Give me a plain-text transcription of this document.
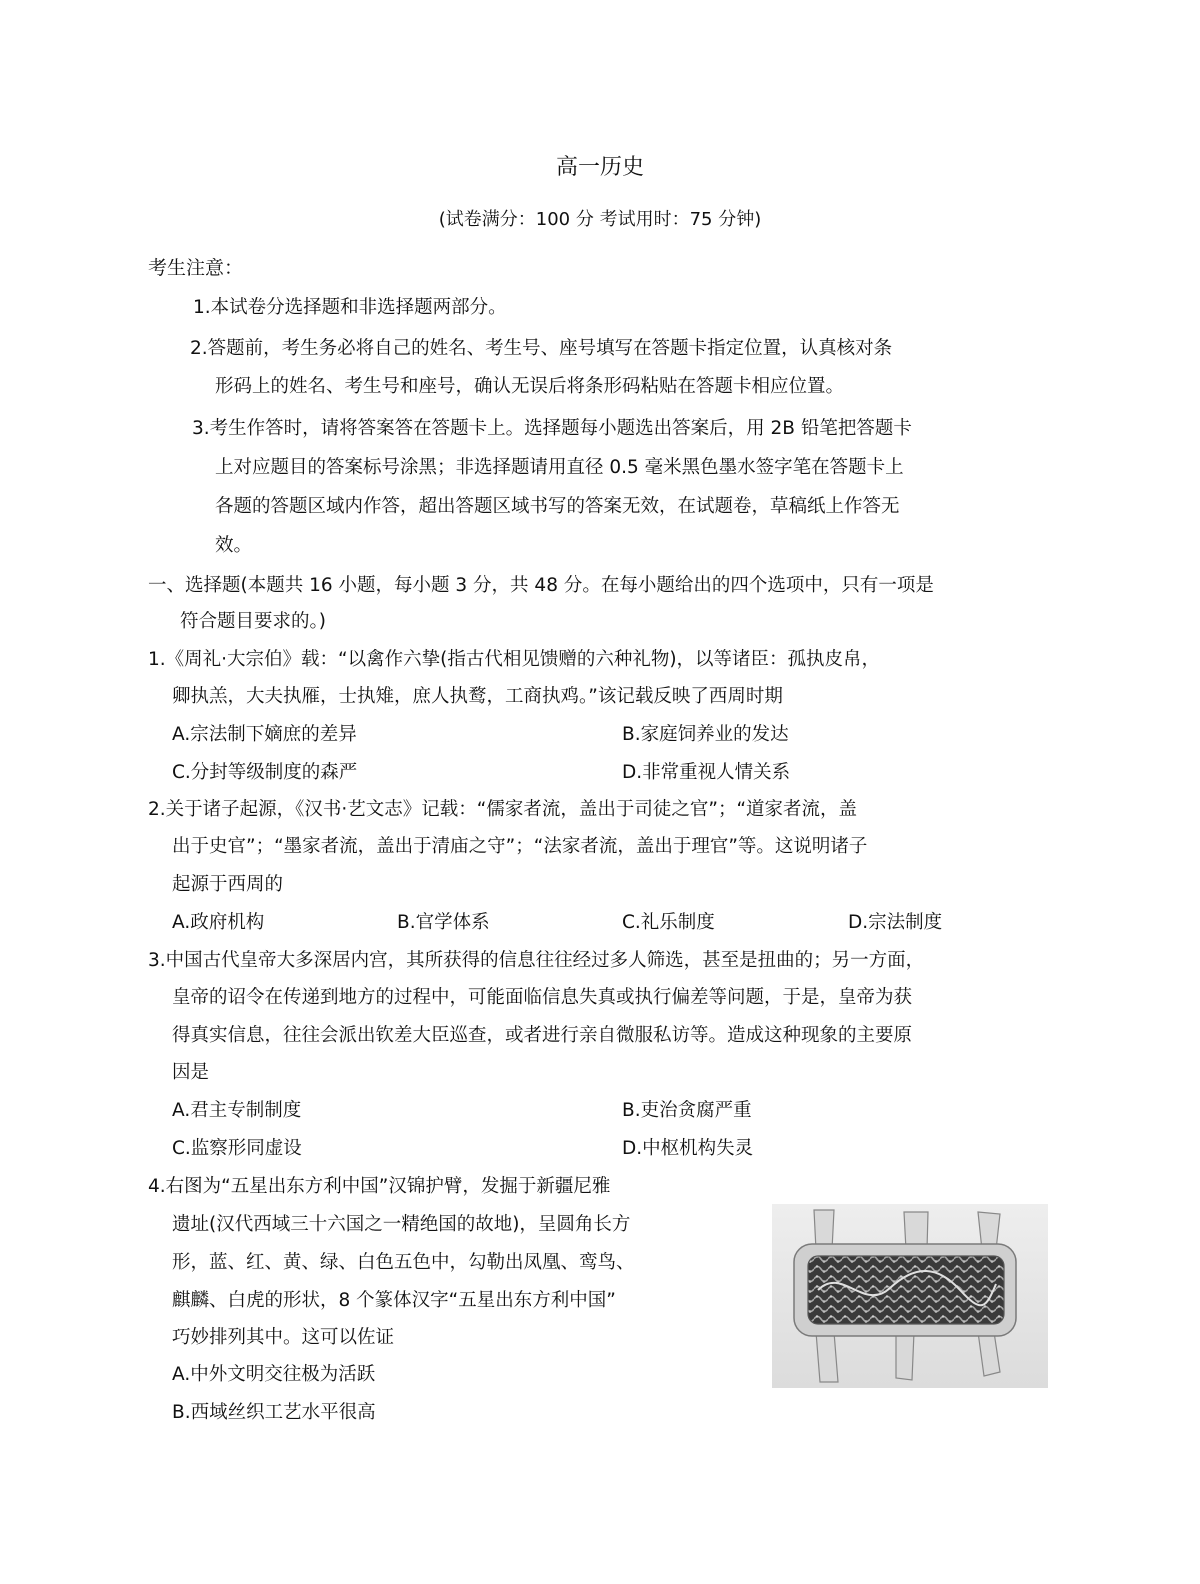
高一历史
(试卷满分：100 分 考试用时：75 分钟)
考生注意：
1.本试卷分选择题和非选择题两部分。
2.答题前，考生务必将自己的姓名、考生号、座号填写在答题卡指定位置，认真核对条
形码上的姓名、考生号和座号，确认无误后将条形码粘贴在答题卡相应位置。
3.考生作答时，请将答案答在答题卡上。选择题每小题选出答案后，用 2B 铅笔把答题卡
上对应题目的答案标号涂黑；非选择题请用直径 0.5 毫米黑色墨水签字笔在答题卡上
各题的答题区域内作答，超出答题区域书写的答案无效，在试题卷，草稿纸上作答无
效。
一、选择题(本题共 16 小题，每小题 3 分，共 48 分。在每小题给出的四个选项中，只有一项是
符合题目要求的。)
1.《周礼·大宗伯》载：“以禽作六挚(指古代相见馈赠的六种礼物)，以等诸臣：孤执皮帛，
卿执羔，大夫执雁，士执雉，庶人执鹜，工商执鸡。”该记载反映了西周时期
A.宗法制下嫡庶的差异	B.家庭饲养业的发达
C.分封等级制度的森严	D.非常重视人情关系
2.关于诸子起源，《汉书·艺文志》记载：“儒家者流，盖出于司徒之官”；“道家者流，盖
出于史官”；“墨家者流，盖出于清庙之守”；“法家者流，盖出于理官”等。这说明诸子
起源于西周的
A.政府机构	B.官学体系	C.礼乐制度	D.宗法制度
3.中国古代皇帝大多深居内宫，其所获得的信息往往经过多人筛选，甚至是扭曲的；另一方面，
皇帝的诏令在传递到地方的过程中，可能面临信息失真或执行偏差等问题，于是，皇帝为获
得真实信息，往往会派出钦差大臣巡查，或者进行亲自微服私访等。造成这种现象的主要原
因是
A.君主专制制度	B.吏治贪腐严重
C.监察形同虚设	D.中枢机构失灵
4.右图为“五星出东方利中国”汉锦护臂，发掘于新疆尼雅
遗址(汉代西域三十六国之一精绝国的故地)，呈圆角长方
形，蓝、红、黄、绿、白色五色中，勾勒出凤凰、鸾鸟、
麒麟、白虎的形状，8 个篆体汉字“五星出东方利中国”
巧妙排列其中。这可以佐证
A.中外文明交往极为活跃
B.西域丝织工艺水平很高
